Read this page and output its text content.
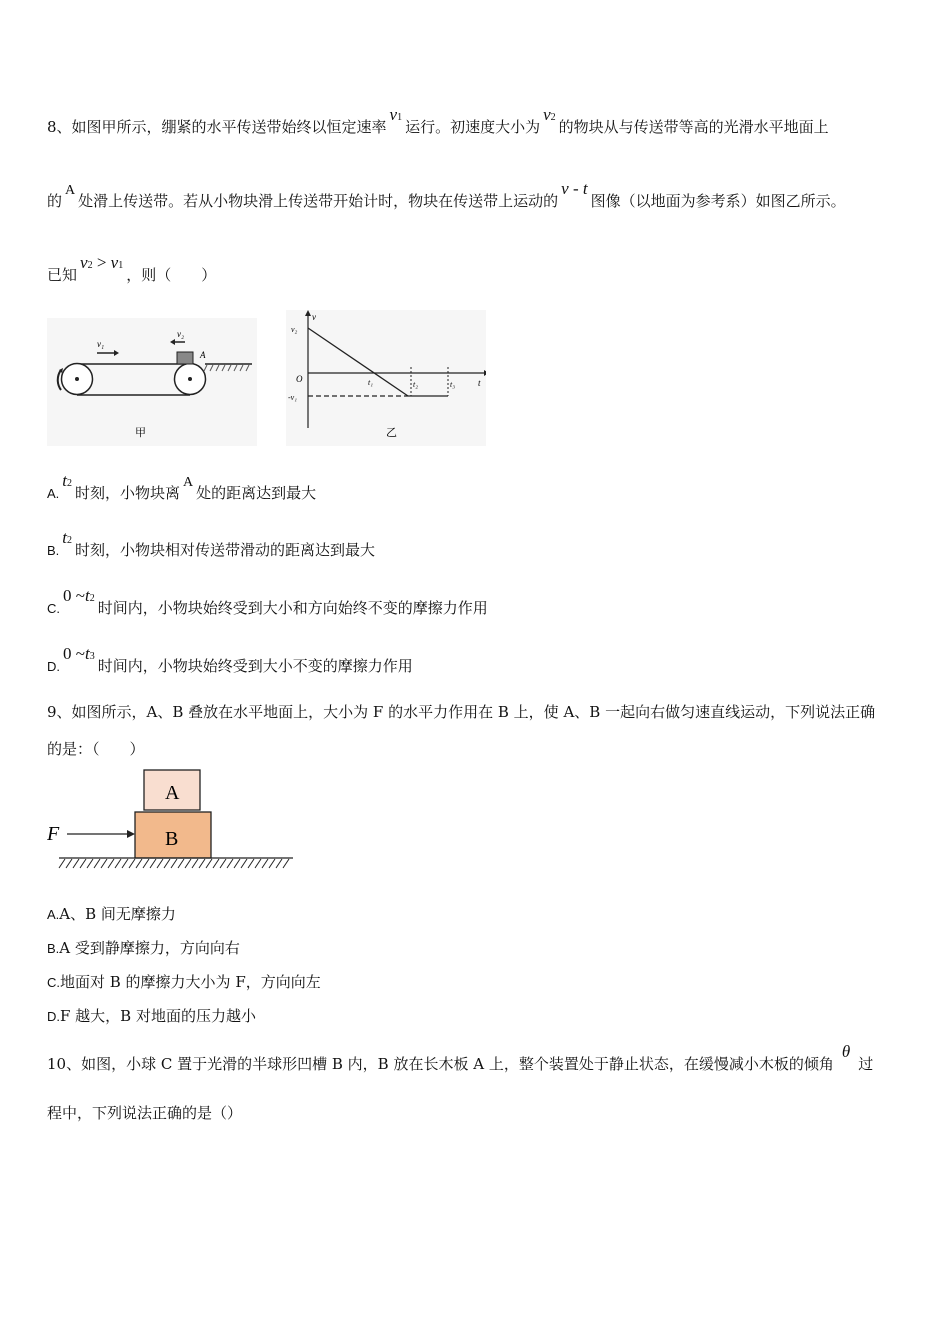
8、如图甲所示，绷紧的水平传送带始终以恒定速率v1运行。初速度大小为v2的物块从与传送带等高的光滑水平地面上
的A处滑上传送带。若从小物块滑上传送带开始计时，物块在传送带上运动的v - t图像（以地面为参考系）如图乙所示。
已知v2 > v1，则（　　）
v₁
v₂
A
甲
v
v₂
O
-v₁
t₁	t₂	t₃	t
乙
A.t2时刻，小物块离A处的距离达到最大
B.t2时刻，小物块相对传送带滑动的距离达到最大
C.0 ~t2时间内，小物块始终受到大小和方向始终不变的摩擦力作用
D.0 ~t3时间内，小物块始终受到大小不变的摩擦力作用
9、如图所示，A、B 叠放在水平地面上，大小为 F 的水平力作用在 B 上，使 A、B 一起向右做匀速直线运动，下列说法正确
的是：（　　）
A
B
F
A.A、B 间无摩擦力
B.A 受到静摩擦力，方向向右
C.地面对 B 的摩擦力大小为 F，方向向左
D.F 越大，B 对地面的压力越小
10、如图，小球 C 置于光滑的半球形凹槽 B 内，B 放在长木板 A 上，整个装置处于静止状态，在缓慢减小木板的倾角θ过
程中，下列说法正确的是（）
